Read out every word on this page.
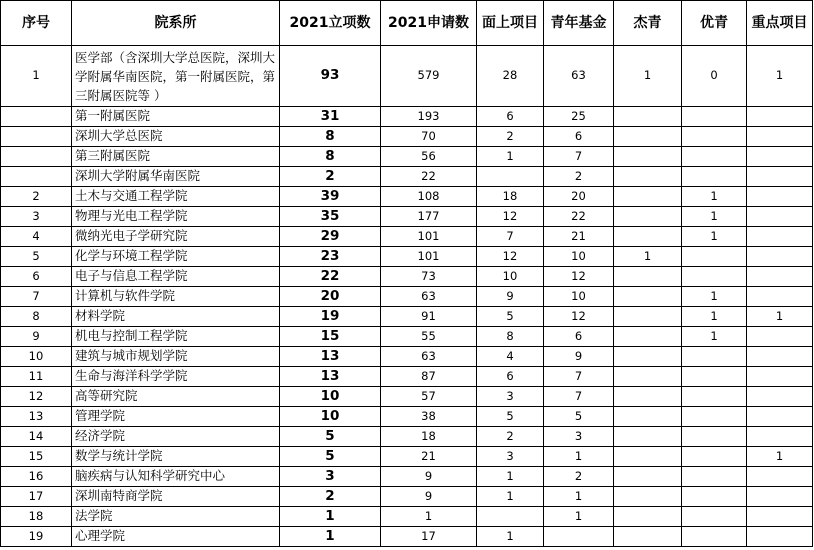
序号	院系所	2021立项数	2021申请数	面上项目	青年基金	杰青	优青	重点项目
1	医学部（含深圳大学总医院，深圳大学附属华南医院，第一附属医院，第三附属医院等 ）	93	579	28	63	1	0	1
	第一附属医院	31	193	6	25			
	深圳大学总医院	8	70	2	6			
	第三附属医院	8	56	1	7			
	深圳大学附属华南医院	2	22		2			
2	土木与交通工程学院	39	108	18	20		1	
3	物理与光电工程学院	35	177	12	22		1	
4	微纳光电子学研究院	29	101	7	21		1	
5	化学与环境工程学院	23	101	12	10	1		
6	电子与信息工程学院	22	73	10	12			
7	计算机与软件学院	20	63	9	10		1	
8	材料学院	19	91	5	12		1	1
9	机电与控制工程学院	15	55	8	6		1	
10	建筑与城市规划学院	13	63	4	9			
11	生命与海洋科学学院	13	87	6	7			
12	高等研究院	10	57	3	7			
13	管理学院	10	38	5	5			
14	经济学院	5	18	2	3			
15	数学与统计学院	5	21	3	1			1
16	脑疾病与认知科学研究中心	3	9	1	2			
17	深圳南特商学院	2	9	1	1			
18	法学院	1	1		1			
19	心理学院	1	17	1				
